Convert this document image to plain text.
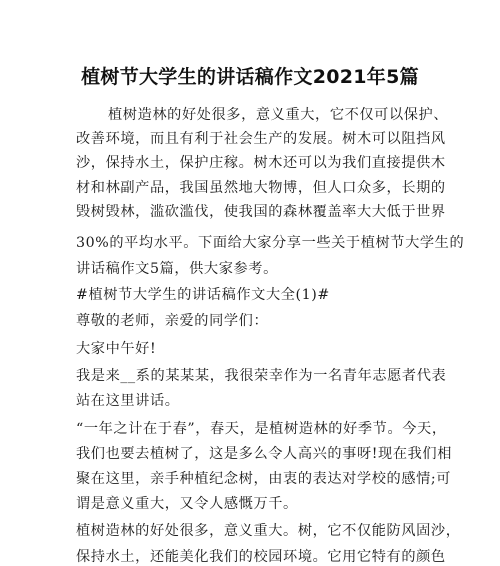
植树节大学生的讲话稿作文2021年5篇
植树造林的好处很多，意义重大，它不仅可以保护、
改善环境，而且有利于社会生产的发展。树木可以阻挡风
沙，保持水土，保护庄稼。树木还可以为我们直接提供木
材和林副产品，我国虽然地大物博，但人口众多，长期的
毁树毁林，滥砍滥伐，使我国的森林覆盖率大大低于世界
30%的平均水平。下面给大家分享一些关于植树节大学生的
讲话稿作文5篇，供大家参考。
#植树节大学生的讲话稿作文大全(1)#
尊敬的老师，亲爱的同学们：
大家中午好!
我是来__系的某某某，我很荣幸作为一名青年志愿者代表
站在这里讲话。
“一年之计在于春”，春天，是植树造林的好季节。今天，
我们也要去植树了，这是多么令人高兴的事呀!现在我们相
聚在这里，亲手种植纪念树，由衷的表达对学校的感情;可
谓是意义重大，又令人感慨万千。
植树造林的好处很多，意义重大。树，它不仅能防风固沙，
保持水土，还能美化我们的校园环境。它用它特有的颜色
